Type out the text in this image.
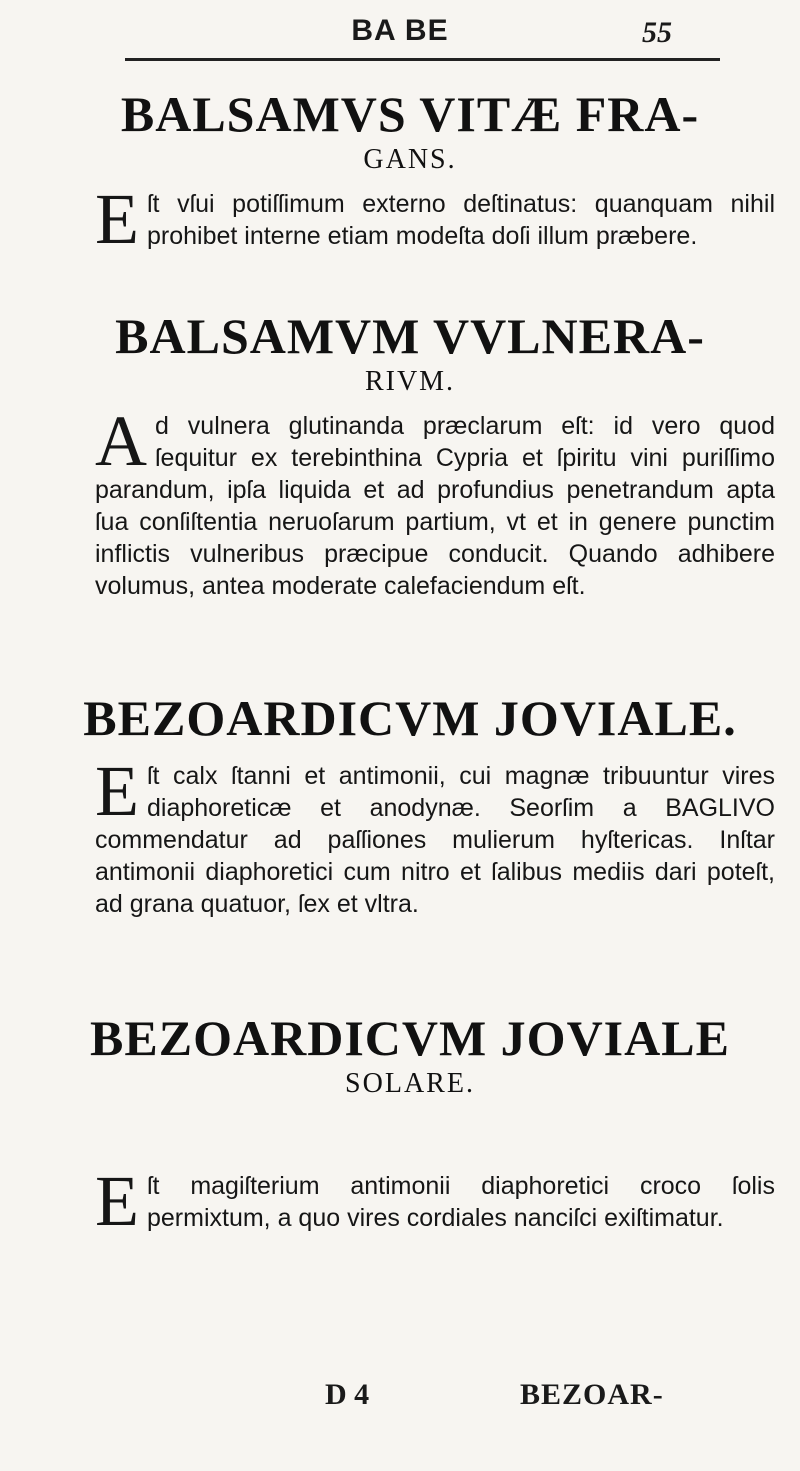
BA BE	55
BALSAMVS VITÆ FRA-
GANS.
E ſt vſui potiſſimum externo deſtinatus: quanquam nihil prohibet interne etiam modeſta doſi illum præbere.

BALSAMVM VVLNERA-
RIVM.
A d vulnera glutinanda præclarum eſt: id vero quod ſequitur ex terebinthina Cypria et ſpiritu vini puriſſimo parandum, ipſa liquida et ad profundius penetrandum apta ſua conſiſtentia neruoſarum partium, vt et in genere punctim inflictis vulneribus præcipue conducit. Quando adhibere volumus, antea moderate calefaciendum eſt.

BEZOARDICVM JOVIALE.
E ſt calx ſtanni et antimonii, cui magnæ tribuuntur vires diaphoreticæ et anodynæ. Seorſim a BAGLIVO commendatur ad paſſiones mulierum hyſtericas. Inſtar antimonii diaphoretici cum nitro et ſalibus mediis dari poteſt, ad grana quatuor, ſex et vltra.

BEZOARDICVM JOVIALE
SOLARE.
E ſt magiſterium antimonii diaphoretici croco ſolis permixtum, a quo vires cordiales nanciſci exiſtimatur.

D 4	BEZOAR-
